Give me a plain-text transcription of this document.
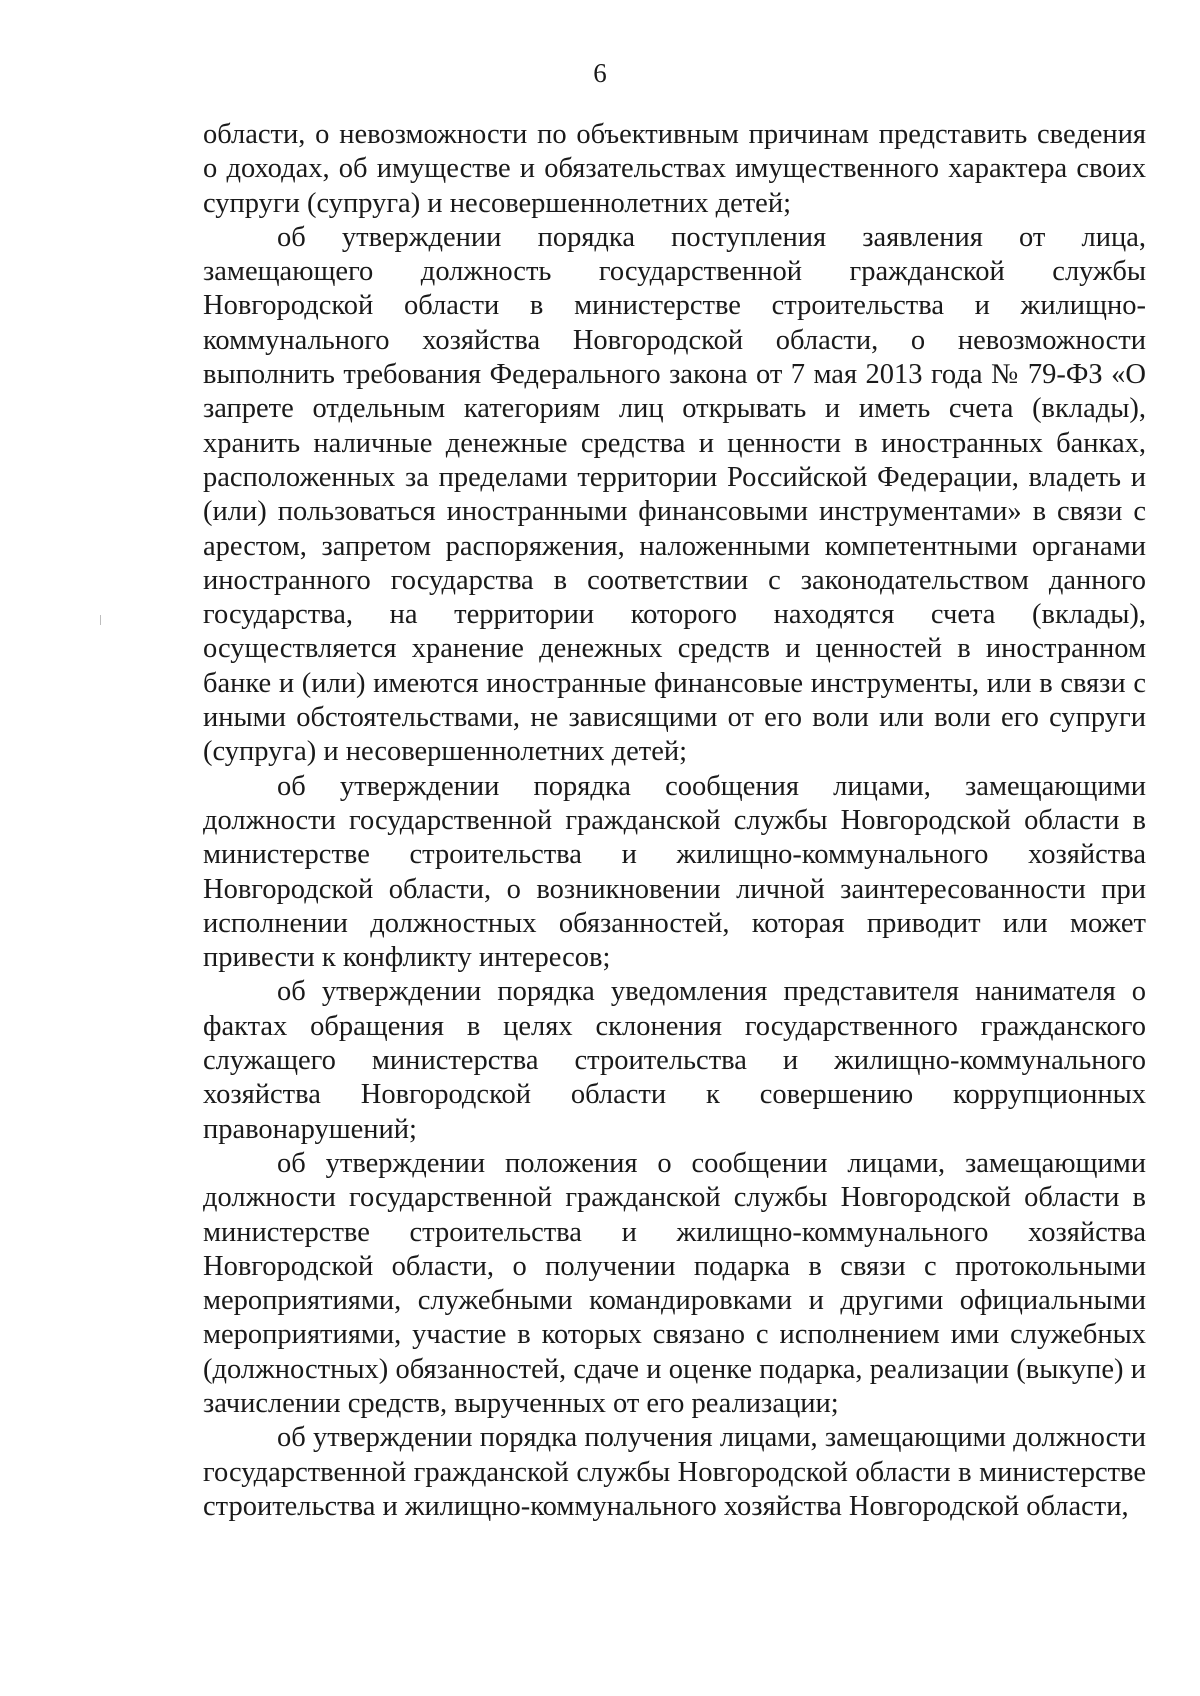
6

области, о невозможности по объективным причинам представить сведения о доходах, об имуществе и обязательствах имущественного характера своих супруги (супруга) и несовершеннолетних детей;

об утверждении порядка поступления заявления от лица, замещающего должность государственной гражданской службы Новгородской области в министерстве строительства и жилищно-коммунального хозяйства Новгородской области, о невозможности выполнить требования Федерального закона от 7 мая 2013 года № 79-ФЗ «О запрете отдельным категориям лиц открывать и иметь счета (вклады), хранить наличные денежные средства и ценности в иностранных банках, расположенных за пределами территории Российской Федерации, владеть и (или) пользоваться иностранными финансовыми инструментами» в связи с арестом, запретом распоряжения, наложенными компетентными органами иностранного государства в соответствии с законодательством данного государства, на территории которого находятся счета (вклады), осуществляется хранение денежных средств и ценностей в иностранном банке и (или) имеются иностранные финансовые инструменты, или в связи с иными обстоятельствами, не зависящими от его воли или воли его супруги (супруга) и несовершеннолетних детей;

об утверждении порядка сообщения лицами, замещающими должности государственной гражданской службы Новгородской области в министерстве строительства и жилищно-коммунального хозяйства Новгородской области, о возникновении личной заинтересованности при исполнении должностных обязанностей, которая приводит или может привести к конфликту интересов;

об утверждении порядка уведомления представителя нанимателя о фактах обращения в целях склонения государственного гражданского служащего министерства строительства и жилищно-коммунального хозяйства Новгородской области к совершению коррупционных правонарушений;

об утверждении положения о сообщении лицами, замещающими должности государственной гражданской службы Новгородской области в министерстве строительства и жилищно-коммунального хозяйства Новгородской области, о получении подарка в связи с протокольными мероприятиями, служебными командировками и другими официальными мероприятиями, участие в которых связано с исполнением ими служебных (должностных) обязанностей, сдаче и оценке подарка, реализации (выкупе) и зачислении средств, вырученных от его реализации;

об утверждении порядка получения лицами, замещающими должности государственной гражданской службы Новгородской области в министерстве строительства и жилищно-коммунального хозяйства Новгородской области,
